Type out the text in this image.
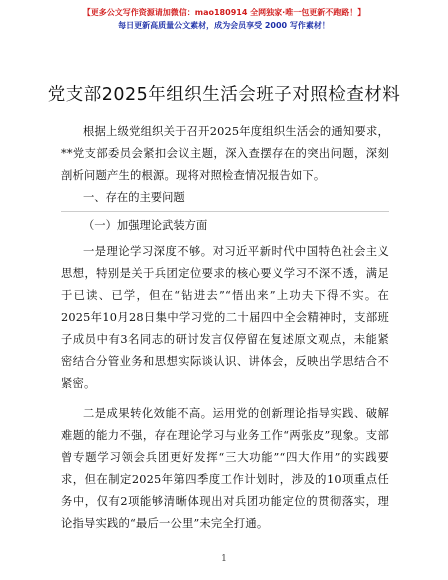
【更多公文写作资源请加微信：mao180914 全网独家·唯一包更新不跑路！】
每日更新高质量公文素材，成为会员享受 2000 写作素材！
党支部2025年组织生活会班子对照检查材料

根据上级党组织关于召开2025年度组织生活会的通知要求，**党支部委员会紧扣会议主题，深入查摆存在的突出问题，深刻剖析问题产生的根源。现将对照检查情况报告如下。

一、存在的主要问题
（一）加强理论武装方面

一是理论学习深度不够。对习近平新时代中国特色社会主义思想，特别是关于兵团定位要求的核心要义学习不深不透，满足于已读、已学，但在“钻进去”“悟出来”上功夫下得不实。在2025年10月28日集中学习党的二十届四中全会精神时，支部班子成员中有3名同志的研讨发言仅停留在复述原文观点，未能紧密结合分管业务和思想实际谈认识、讲体会，反映出学思结合不紧密。

二是成果转化效能不高。运用党的创新理论指导实践、破解难题的能力不强，存在理论学习与业务工作“两张皮”现象。支部曾专题学习领会兵团更好发挥“三大功能”“四大作用”的实践要求，但在制定2025年第四季度工作计划时，涉及的10项重点任务中，仅有2项能够清晰体现出对兵团功能定位的贯彻落实，理论指导实践的“最后一公里”未完全打通。

1
